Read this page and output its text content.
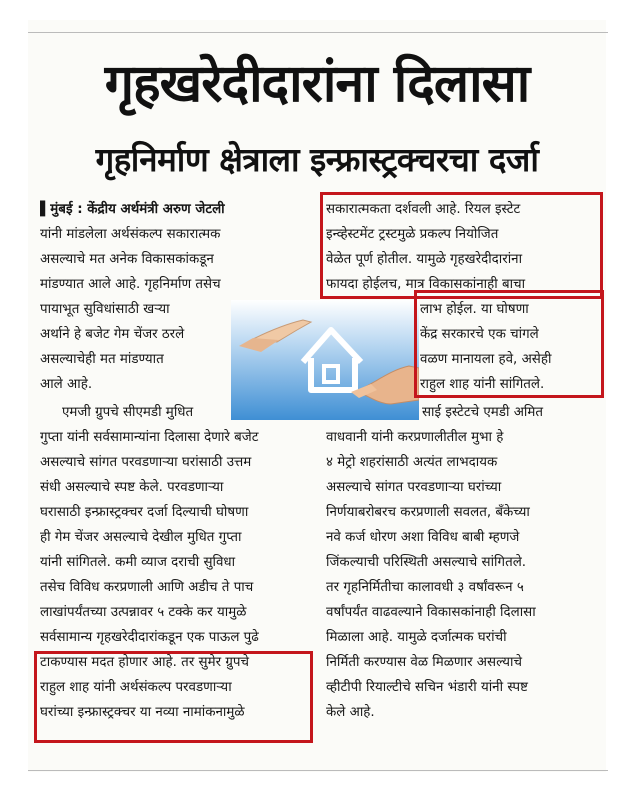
गृहखरेदीदारांना दिलासा
गृहनिर्माण क्षेत्राला इन्फ्रास्ट्रक्चरचा दर्जा
▌मुंबई : केंद्रीय अर्थमंत्री अरुण जेटली
यांनी मांडलेला अर्थसंकल्प सकारात्मक
असल्याचे मत अनेक विकासकांकडून
मांडण्यात आले आहे. गृहनिर्माण तसेच
पायाभूत सुविधांसाठी खऱ्या
अर्थाने हे बजेट गेम चेंजर ठरले
असल्याचेही मत मांडण्यात
आले आहे.
एमजी ग्रुपचे सीएमडी मुधित
गुप्ता यांनी सर्वसामान्यांना दिलासा देणारे बजेट
असल्याचे सांगत परवडणाऱ्या घरांसाठी उत्तम
संधी असल्याचे स्पष्ट केले. परवडणाऱ्या
घरासाठी इन्फ्रास्ट्रक्चर दर्जा दिल्याची घोषणा
ही गेम चेंजर असल्याचे देखील मुधित गुप्ता
यांनी सांगितले. कमी व्याज दराची सुविधा
तसेच विविध करप्रणाली आणि अडीच ते पाच
लाखांपर्यंतच्या उत्पन्नावर ५ टक्के कर यामुळे
सर्वसामान्य गृहखरेदीदारांकडून एक पाऊल पुढे
टाकण्यास मदत होणार आहे. तर सुमेर ग्रुपचे
राहुल शाह यांनी अर्थसंकल्प परवडणाऱ्या
घरांच्या इन्फ्रास्ट्रक्चर या नव्या नामांकनामुळे
सकारात्मकता दर्शवली आहे. रियल इस्टेट
इन्व्हेस्टमेंट ट्रस्टमुळे प्रकल्प नियोजित
वेळेत पूर्ण होतील. यामुळे गृहखरेदीदारांना
फायदा होईलच, मात्र विकासकांनाही बाचा
लाभ होईल. या घोषणा
केंद्र सरकारचे एक चांगले
वळण मानायला हवे, असेही
राहुल शाह यांनी सांगितले.
साई इस्टेटचे एमडी अमित
वाधवानी यांनी करप्रणालीतील मुभा हे
४ मेट्रो शहरांसाठी अत्यंत लाभदायक
असल्याचे सांगत परवडणाऱ्या घरांच्या
निर्णयाबरोबरच करप्रणाली सवलत, बँकेच्या
नवे कर्ज धोरण अशा विविध बाबी म्हणजे
जिंकल्याची परिस्थिती असल्याचे सांगितले.
तर गृहनिर्मितीचा कालावधी ३ वर्षांवरून ५
वर्षांपर्यंत वाढवल्याने विकासकांनाही दिलासा
मिळाला आहे. यामुळे दर्जात्मक घरांची
निर्मिती करण्यास वेळ मिळणार असल्याचे
व्हीटीपी रियाल्टीचे सचिन भंडारी यांनी स्पष्ट
केले आहे.
